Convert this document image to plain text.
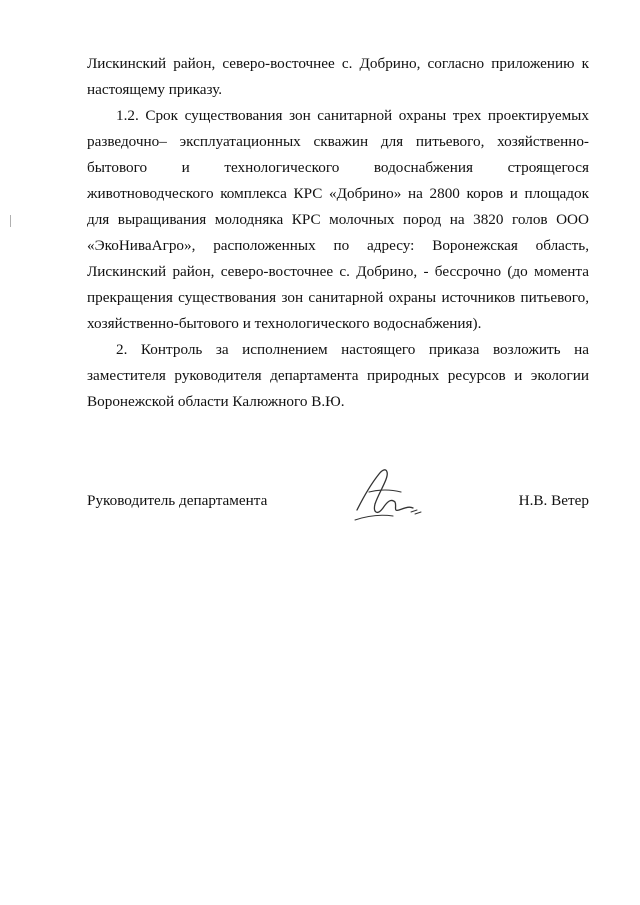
Лискинский район, северо-восточнее с. Добрино, согласно приложению к настоящему приказу.

1.2. Срок существования зон санитарной охраны трех проектируемых разведочно– эксплуатационных скважин для питьевого, хозяйственно-бытового и технологического водоснабжения строящегося животноводческого комплекса КРС «Добрино» на 2800 коров и площадок для выращивания молодняка КРС молочных пород на 3820 голов ООО «ЭкоНиваАгро», расположенных по адресу: Воронежская область, Лискинский район, северо-восточнее с. Добрино, - бессрочно (до момента прекращения существования зон санитарной охраны источников питьевого, хозяйственно-бытового и технологического водоснабжения).

2. Контроль за исполнением настоящего приказа возложить на заместителя руководителя департамента природных ресурсов и экологии Воронежской области Калюжного В.Ю.

Руководитель департамента	Н.В. Ветер
